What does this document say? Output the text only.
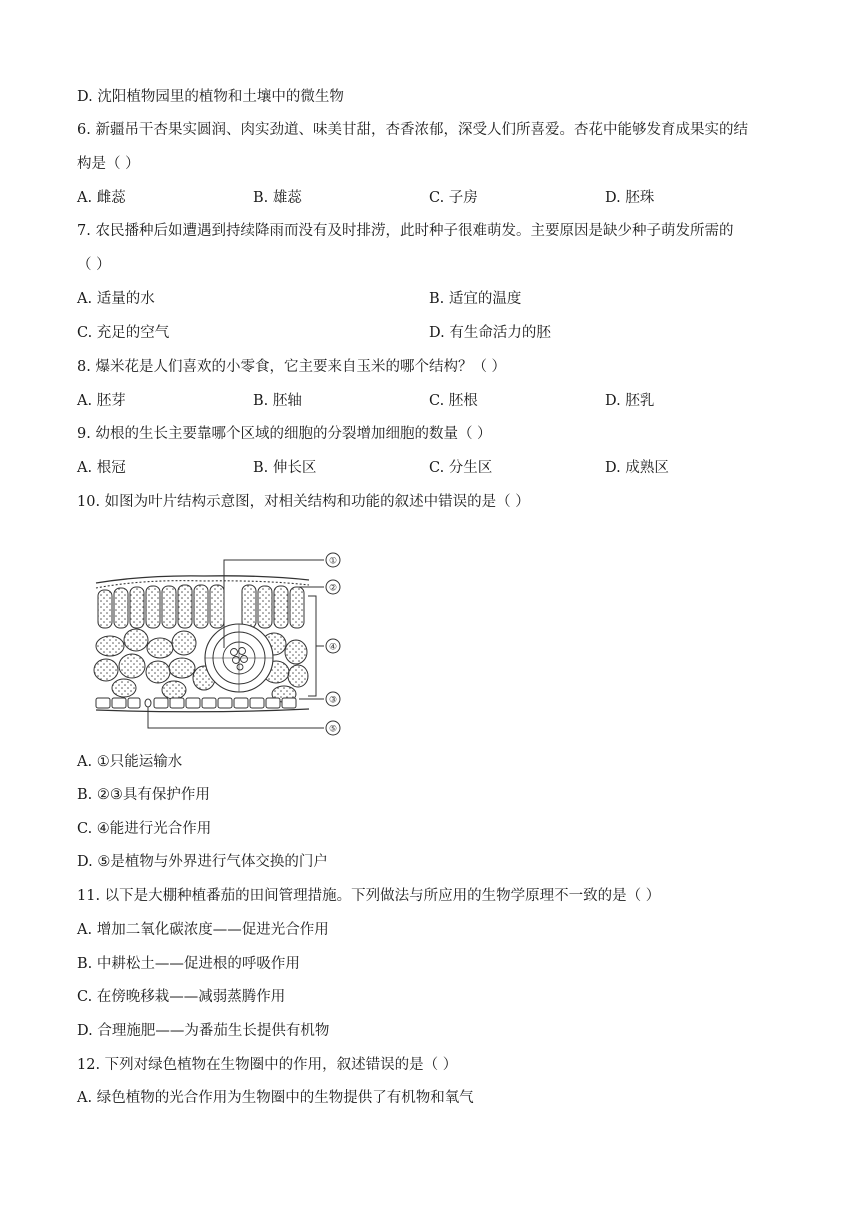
D. 沈阳植物园里的植物和土壤中的微生物
6. 新疆吊干杏果实圆润、肉实劲道、味美甘甜，杏香浓郁，深受人们所喜爱。杏花中能够发育成果实的结
构是（ ）
A. 雌蕊	B. 雄蕊	C. 子房	D. 胚珠
7. 农民播种后如遭遇到持续降雨而没有及时排涝，此时种子很难萌发。主要原因是缺少种子萌发所需的
（ ）
A. 适量的水	B. 适宜的温度
C. 充足的空气	D. 有生命活力的胚
8. 爆米花是人们喜欢的小零食，它主要来自玉米的哪个结构？（ ）
A. 胚芽	B. 胚轴	C. 胚根	D. 胚乳
9. 幼根的生长主要靠哪个区域的细胞的分裂增加细胞的数量（ ）
A. 根冠	B. 伸长区	C. 分生区	D. 成熟区
10. 如图为叶片结构示意图，对相关结构和功能的叙述中错误的是（ ）
①
②
④
③
⑤
A. ①只能运输水
B. ②③具有保护作用
C. ④能进行光合作用
D. ⑤是植物与外界进行气体交换的门户
11. 以下是大棚种植番茄的田间管理措施。下列做法与所应用的生物学原理不一致的是（ ）
A. 增加二氧化碳浓度——促进光合作用
B. 中耕松土——促进根的呼吸作用
C. 在傍晚移栽——减弱蒸腾作用
D. 合理施肥——为番茄生长提供有机物
12. 下列对绿色植物在生物圈中的作用，叙述错误的是（ ）
A. 绿色植物的光合作用为生物圈中的生物提供了有机物和氧气
